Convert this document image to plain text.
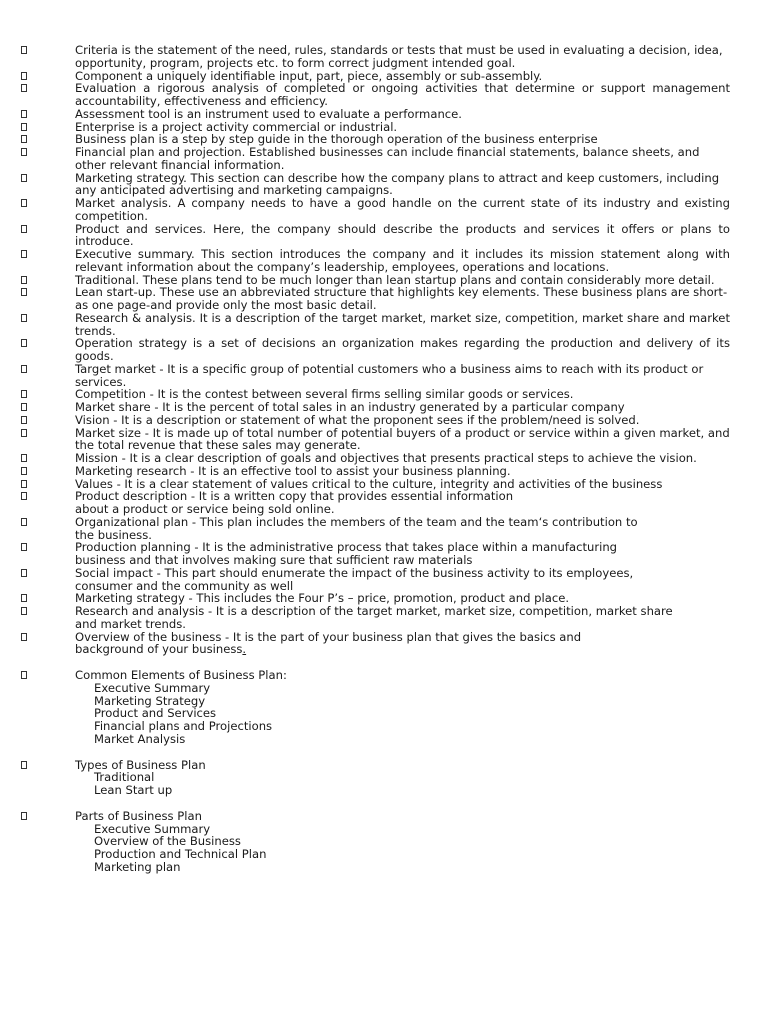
Criteria is the statement of the need, rules, standards or tests that must be used in evaluating a decision, idea, opportunity, program, projects etc. to form correct judgment intended goal.
Component a uniquely identifiable input, part, piece, assembly or sub-assembly.
Evaluation a rigorous analysis of completed or ongoing activities that determine or support management accountability, effectiveness and efficiency.
Assessment tool is an instrument used to evaluate a performance.
Enterprise is a project activity commercial or industrial.
Business plan is a step by step guide in the thorough operation of the business enterprise
Financial plan and projection. Established businesses can include financial statements, balance sheets, and other relevant financial information.
Marketing strategy. This section can describe how the company plans to attract and keep customers, including any anticipated advertising and marketing campaigns.
Market analysis. A company needs to have a good handle on the current state of its industry and existing competition.
Product and services. Here, the company should describe the products and services it offers or plans to introduce.
Executive summary. This section introduces the company and it includes its mission statement along with relevant information about the company’s leadership, employees, operations and locations.
Traditional. These plans tend to be much longer than lean startup plans and contain considerably more detail.
Lean start-up. These use an abbreviated structure that highlights key elements. These business plans are short-as one page-and provide only the most basic detail.
Research & analysis. It is a description of the target market, market size, competition, market share and market trends.
Operation strategy is a set of decisions an organization makes regarding the production and delivery of its goods.
Target market - It is a specific group of potential customers who a business aims to reach with its product or services.
Competition - It is the contest between several firms selling similar goods or services.
Market share - It is the percent of total sales in an industry generated by a particular company
Vision - It is a description or statement of what the proponent sees if the problem/need is solved.
Market size - It is made up of total number of potential buyers of a product or service within a given market, and the total revenue that these sales may generate.
Mission - It is a clear description of goals and objectives that presents practical steps to achieve the vision.
Marketing research - It is an effective tool to assist your business planning.
Values - It is a clear statement of values critical to the culture, integrity and activities of the business
Product description - It is a written copy that provides essential information about a product or service being sold online.
Organizational plan - This plan includes the members of the team and the team‘s contribution to the business.
Production planning - It is the administrative process that takes place within a manufacturing business and that involves making sure that sufficient raw materials
Social impact - This part should enumerate the impact of the business activity to its employees, consumer and the community as well
Marketing strategy - This includes the Four P’s – price, promotion, product and place.
Research and analysis - It is a description of the target market, market size, competition, market share and market trends.
Overview of the business - It is the part of your business plan that gives the basics and background of your business.
Common Elements of Business Plan:
Executive Summary
Marketing Strategy
Product and Services
Financial plans and Projections
Market Analysis
Types of Business Plan
Traditional
Lean Start up
Parts of Business Plan
Executive Summary
Overview of the Business
Production and Technical Plan
Marketing plan
